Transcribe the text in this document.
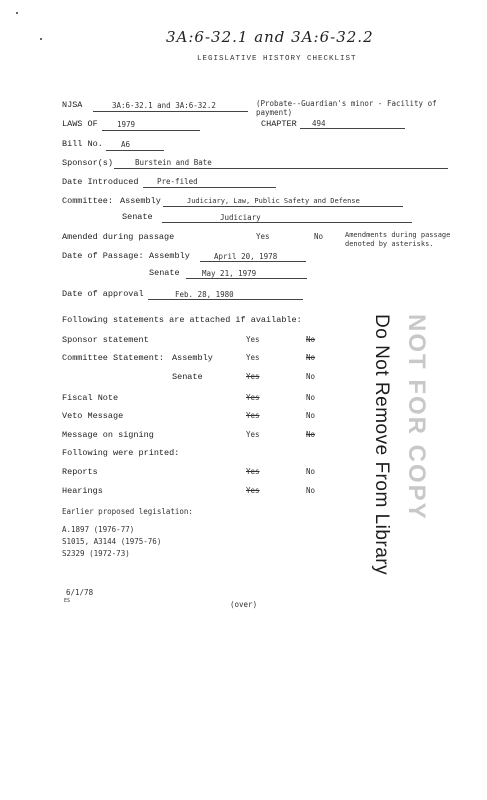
3A:6-32.1 and 3A:6-32.2
LEGISLATIVE HISTORY CHECKLIST
NJSA	3A:6-32.1 and 3A:6-32.2	(Probate--Guardian's minor - Facility of payment)
LAWS OF	1979	CHAPTER 494
Bill No. A6
Sponsor(s)	Burstein and Bate
Date Introduced Pre-filed
Committee: Assembly	Judiciary, Law, Public Safety and Defense
Senate	Judiciary
Amended during passage	Yes	No	Amendments during passage denoted by asterisks.
Date of Passage: Assembly	April 20, 1978
Senate	May 21, 1979
Date of approval	Feb. 28, 1980
Following statements are attached if available:
Sponsor statement	Yes	No
Committee Statement: Assembly	Yes	No
Senate	Yes	No
Fiscal Note	Yes	No
Veto Message	Yes	No
Message on signing	Yes	No
Following were printed:
Reports	Yes	No
Hearings	Yes	No
Earlier proposed legislation:
A.1897 (1976-77)
S1015, A3144 (1975-76)
S2329 (1972-73)
6/1/78
ES	(over)
NOT FOR COPY
Do Not Remove From Library
